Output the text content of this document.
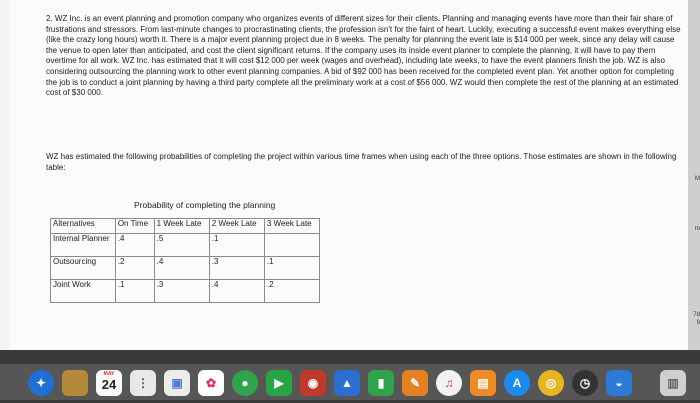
2. WZ Inc. is an event planning and promotion company who organizes events of different sizes for their clients. Planning and managing events have more than their fair share of frustrations and stressors. From last-minute changes to procrastinating clients, the profession isn't for the faint of heart. Luckily, executing a successful event makes everything else (like the crazy long hours) worth it. There is a major event planning project due in 8 weeks. The penalty for planning the event late is $14 000 per week, since any delay will cause the venue to open later than anticipated, and cost the client significant returns. If the company uses its inside event planner to complete the planning, it will have to pay them overtime for all work. WZ Inc. has estimated that it will cost $12 000 per week (wages and overhead), including late weeks, to have the event planners finish the job. WZ is also considering outsourcing the planning work to other event planning companies. A bid of $92 000 has been received for the completed event plan. Yet another option for completing the job is to conduct a joint planning by having a third party complete all the preliminary work at a cost of $56 000. WZ would then complete the rest of the planning at an estimated cost of $30 000.
WZ has estimated the following probabilities of completing the project within various time frames when using each of the three options. Those estimates are shown in the following table:
Probability of completing the planning
Alternatives	On Time	1 Week Late	2 Week Late	3 Week Late
Internal Planner	.4	.5	.1	
Outsourcing	.2	.4	.3	.1
Joint Work	.1	.3	.4	.2
M
ro
7d
9
✦
MAY
24	⋮	▣	✿	●	▶	◉	▲	▮	✎	♫	▤	A	◎	◷	◒	▥
